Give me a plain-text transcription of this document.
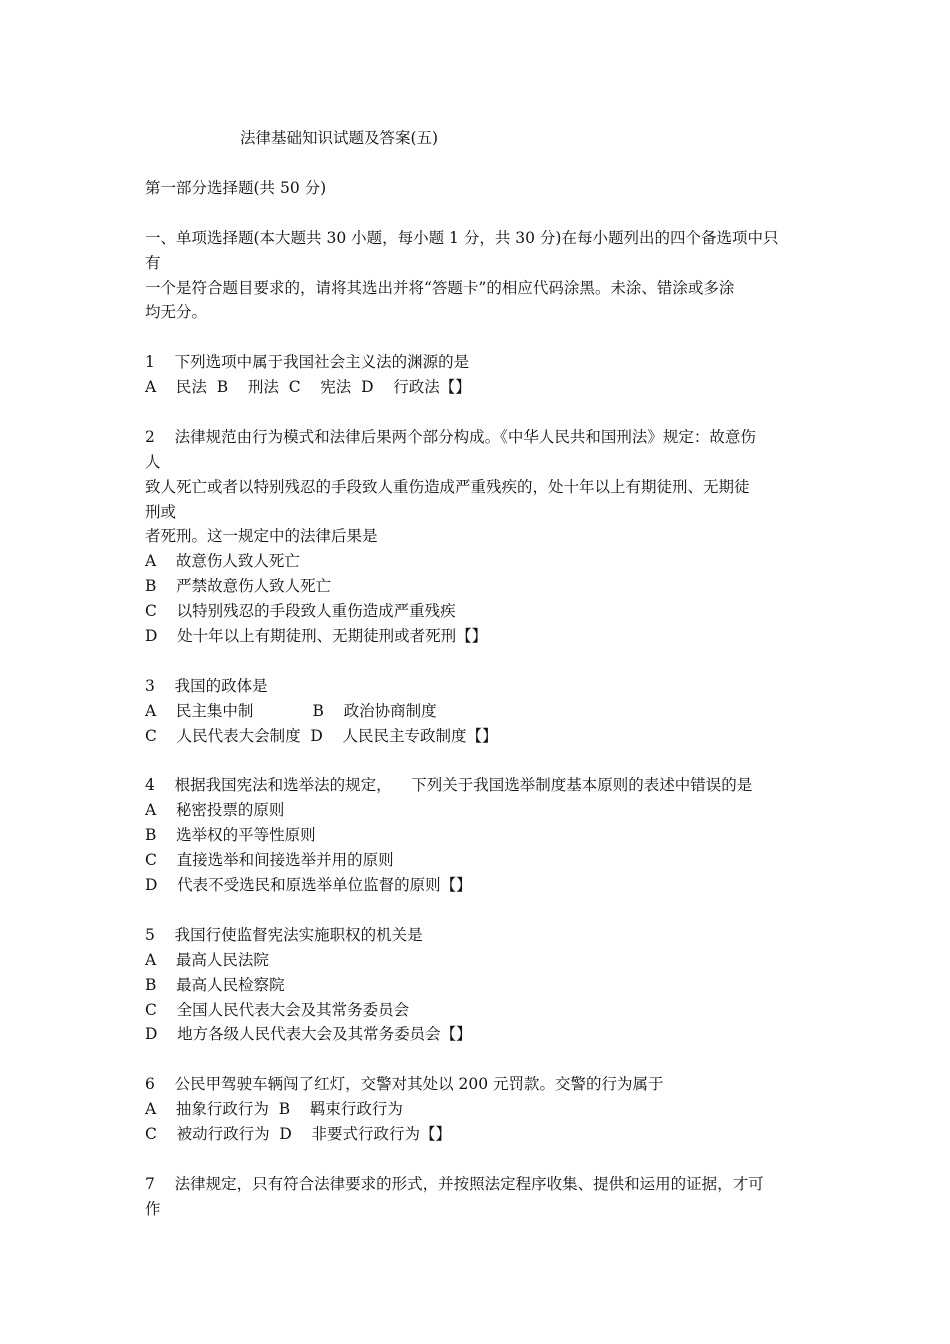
法律基础知识试题及答案(五)

第一部分选择题(共 50 分)

一、单项选择题(本大题共 30 小题，每小题 1 分，共 30 分)在每小题列出的四个备选项中只

有

一个是符合题目要求的，请将其选出并将“答题卡”的相应代码涂黑。未涂、错涂或多涂

均无分。

1    下列选项中属于我国社会主义法的渊源的是

A    民法  B    刑法  C    宪法  D    行政法【】

2    法律规范由行为模式和法律后果两个部分构成。《中华人民共和国刑法》规定：故意伤

人

致人死亡或者以特别残忍的手段致人重伤造成严重残疾的，处十年以上有期徒刑、无期徒

刑或

者死刑。这一规定中的法律后果是

A    故意伤人致人死亡

B    严禁故意伤人致人死亡

C    以特别残忍的手段致人重伤造成严重残疾

D    处十年以上有期徒刑、无期徒刑或者死刑【】

3    我国的政体是

A    民主集中制            B    政治协商制度

C    人民代表大会制度  D    人民民主专政制度【】

4    根据我国宪法和选举法的规定，    下列关于我国选举制度基本原则的表述中错误的是

A    秘密投票的原则

B    选举权的平等性原则

C    直接选举和间接选举并用的原则

D    代表不受选民和原选举单位监督的原则【】

5    我国行使监督宪法实施职权的机关是

A    最高人民法院

B    最高人民检察院

C    全国人民代表大会及其常务委员会

D    地方各级人民代表大会及其常务委员会【】

6    公民甲驾驶车辆闯了红灯，交警对其处以 200 元罚款。交警的行为属于

A    抽象行政行为  B    羁束行政行为

C    被动行政行为  D    非要式行政行为【】

7    法律规定，只有符合法律要求的形式，并按照法定程序收集、提供和运用的证据，才可

作
